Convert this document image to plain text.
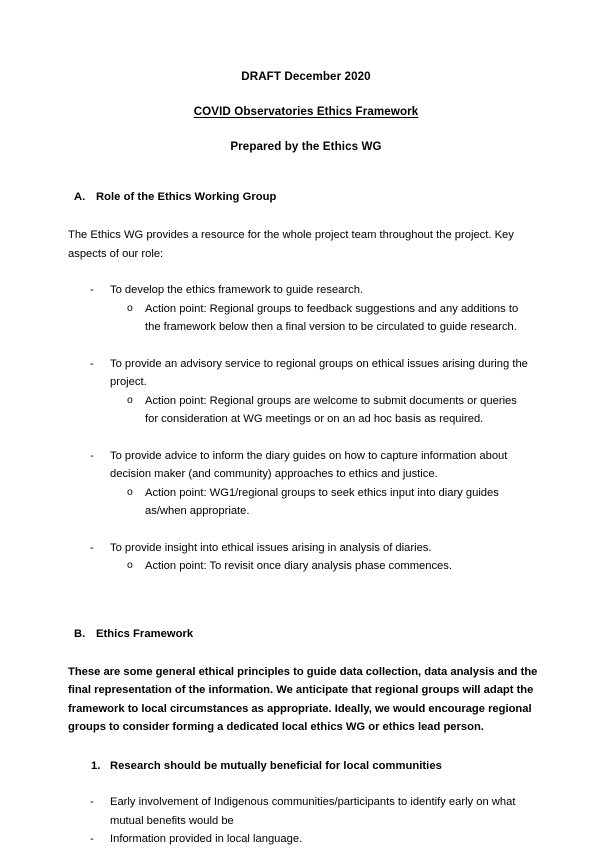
DRAFT December 2020
COVID Observatories Ethics Framework
Prepared by the Ethics WG
A. Role of the Ethics Working Group

The Ethics WG provides a resource for the whole project team throughout the project. Key aspects of our role:

- To develop the ethics framework to guide research.
o Action point: Regional groups to feedback suggestions and any additions to the framework below then a final version to be circulated to guide research.
- To provide an advisory service to regional groups on ethical issues arising during the project.
o Action point: Regional groups are welcome to submit documents or queries for consideration at WG meetings or on an ad hoc basis as required.
- To provide advice to inform the diary guides on how to capture information about decision maker (and community) approaches to ethics and justice.
o Action point: WG1/regional groups to seek ethics input into diary guides as/when appropriate.
- To provide insight into ethical issues arising in analysis of diaries.
o Action point: To revisit once diary analysis phase commences.
B. Ethics Framework

These are some general ethical principles to guide data collection, data analysis and the final representation of the information. We anticipate that regional groups will adapt the framework to local circumstances as appropriate. Ideally, we would encourage regional groups to consider forming a dedicated local ethics WG or ethics lead person.

1. Research should be mutually beneficial for local communities
- Early involvement of Indigenous communities/participants to identify early on what mutual benefits would be
- Information provided in local language.
